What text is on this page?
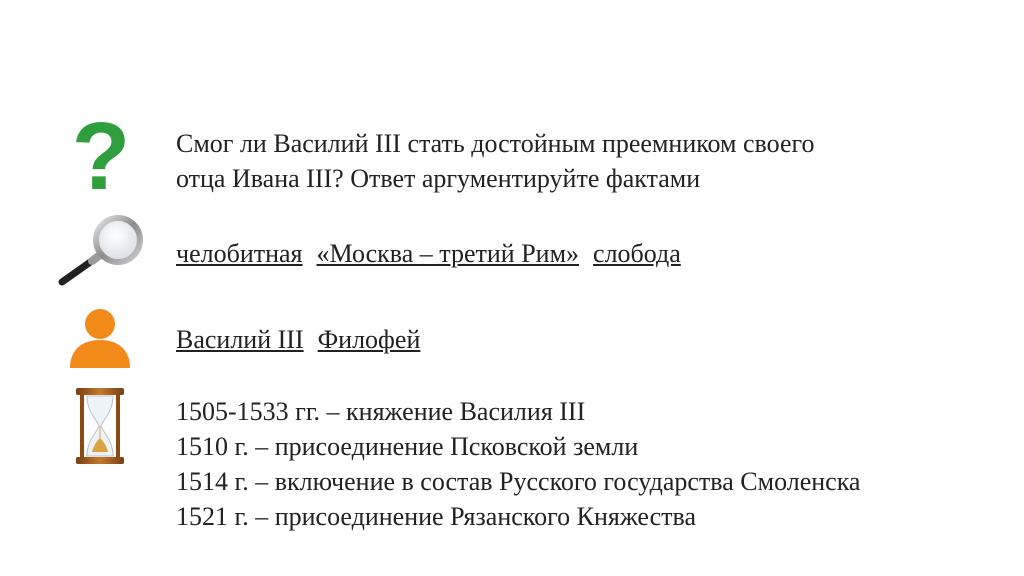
? Смог ли Василий III стать достойным преемником своего
отца Ивана III? Ответ аргументируйте фактами
челобитная «Москва – третий Рим» слобода
Василий III Филофей
1505-1533 гг. – княжение Василия III
1510 г. – присоединение Псковской земли
1514 г. – включение в состав Русского государства Смоленска
1521 г. – присоединение Рязанского Княжества
